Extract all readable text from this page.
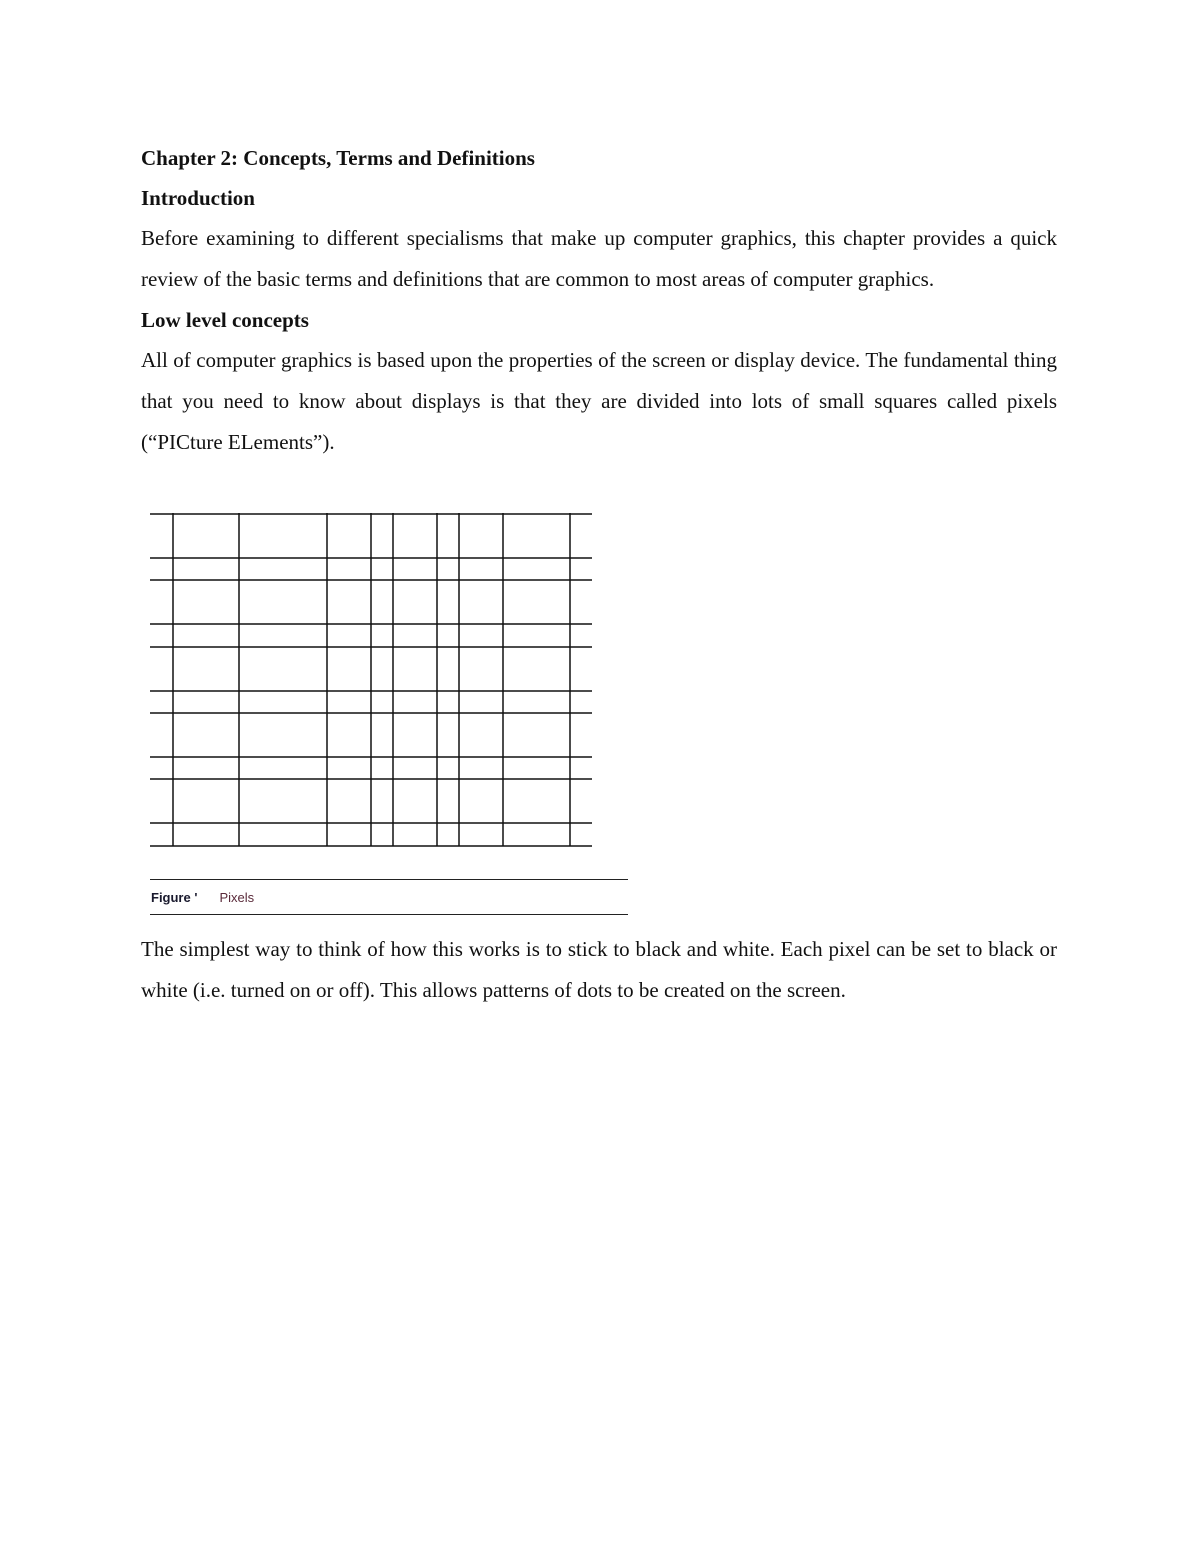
Chapter 2: Concepts, Terms and Definitions

Introduction

Before examining to different specialisms that make up computer graphics, this chapter provides a quick review of the basic terms and definitions that are common to most areas of computer graphics.

Low level concepts

All of computer graphics is based upon the properties of the screen or display device. The fundamental thing that you need to know about displays is that they are divided into lots of small squares called pixels (“PICture ELements”).

Figure ' Pixels

The simplest way to think of how this works is to stick to black and white. Each pixel can be set to black or white (i.e. turned on or off). This allows patterns of dots to be created on the screen.
